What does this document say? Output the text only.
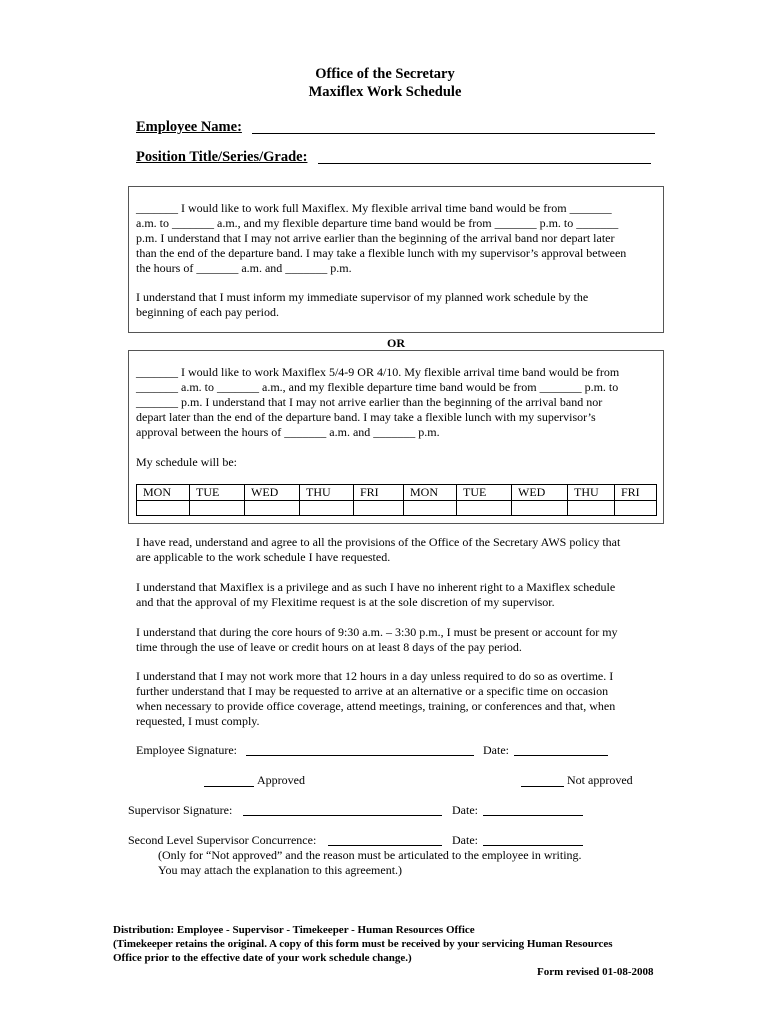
Office of the Secretary
Maxiflex Work Schedule
Employee Name:
Position Title/Series/Grade:
_______ I would like to work full Maxiflex. My flexible arrival time band would be from _______
a.m. to _______ a.m., and my flexible departure time band would be from _______ p.m. to _______
p.m. I understand that I may not arrive earlier than the beginning of the arrival band nor depart later
than the end of the departure band. I may take a flexible lunch with my supervisor’s approval between
the hours of _______ a.m. and _______ p.m.
I understand that I must inform my immediate supervisor of my planned work schedule by the
beginning of each pay period.
OR
_______ I would like to work Maxiflex 5/4-9 OR 4/10. My flexible arrival time band would be from
_______ a.m. to _______ a.m., and my flexible departure time band would be from _______ p.m. to
_______ p.m. I understand that I may not arrive earlier than the beginning of the arrival band nor
depart later than the end of the departure band. I may take a flexible lunch with my supervisor’s
approval between the hours of _______ a.m. and _______ p.m.
My schedule will be:
MON	TUE	WED	THU	FRI	MON	TUE	WED	THU	FRI

I have read, understand and agree to all the provisions of the Office of the Secretary AWS policy that
are applicable to the work schedule I have requested.
I understand that Maxiflex is a privilege and as such I have no inherent right to a Maxiflex schedule
and that the approval of my Flexitime request is at the sole discretion of my supervisor.
I understand that during the core hours of 9:30 a.m. – 3:30 p.m., I must be present or account for my
time through the use of leave or credit hours on at least 8 days of the pay period.
I understand that I may not work more that 12 hours in a day unless required to do so as overtime. I
further understand that I may be requested to arrive at an alternative or a specific time on occasion
when necessary to provide office coverage, attend meetings, training, or conferences and that, when
requested, I must comply.
Employee Signature:	Date:
Approved	Not approved
Supervisor Signature:	Date:
Second Level Supervisor Concurrence:	Date:
(Only for “Not approved” and the reason must be articulated to the employee in writing.
You may attach the explanation to this agreement.)
Distribution: Employee - Supervisor - Timekeeper - Human Resources Office
(Timekeeper retains the original. A copy of this form must be received by your servicing Human Resources
Office prior to the effective date of your work schedule change.)
Form revised 01-08-2008
